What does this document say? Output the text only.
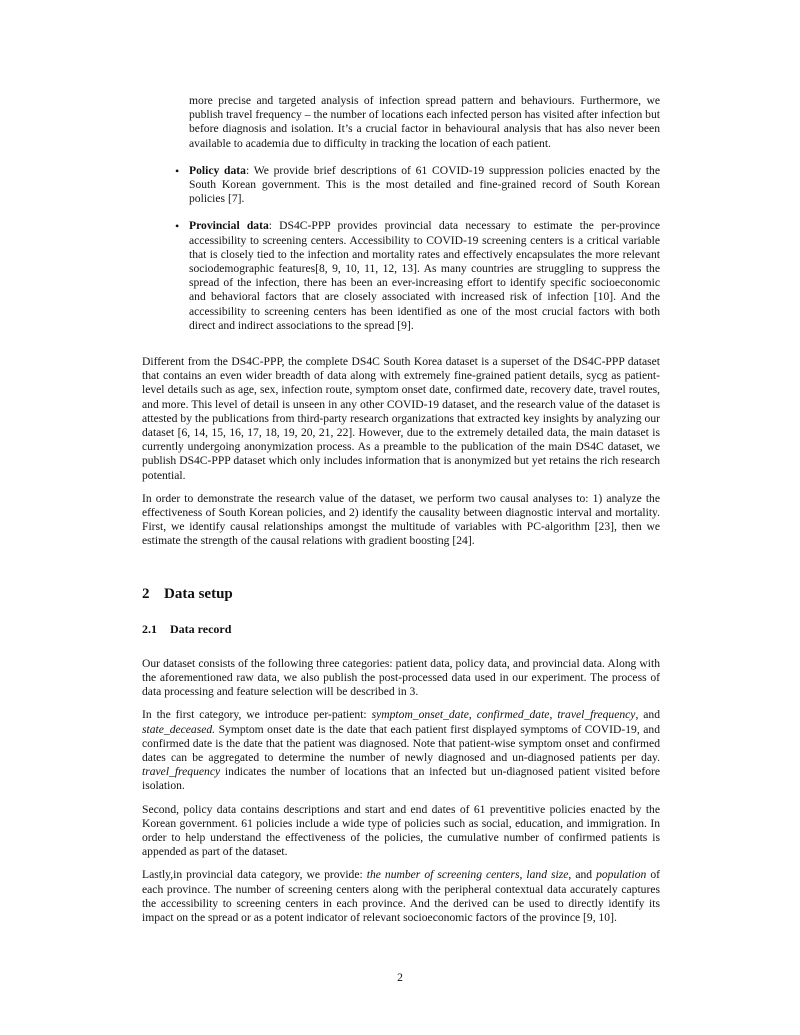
more precise and targeted analysis of infection spread pattern and behaviours. Furthermore, we publish travel frequency – the number of locations each infected person has visited after infection but before diagnosis and isolation. It’s a crucial factor in behavioural analysis that has also never been available to academia due to difficulty in tracking the location of each patient.

• Policy data: We provide brief descriptions of 61 COVID-19 suppression policies enacted by the South Korean government. This is the most detailed and fine-grained record of South Korean policies [7].

• Provincial data: DS4C-PPP provides provincial data necessary to estimate the per-province accessibility to screening centers. Accessibility to COVID-19 screening centers is a critical variable that is closely tied to the infection and mortality rates and effectively encapsulates the more relevant sociodemographic features[8, 9, 10, 11, 12, 13]. As many countries are struggling to suppress the spread of the infection, there has been an ever-increasing effort to identify specific socioeconomic and behavioral factors that are closely associated with increased risk of infection [10]. And the accessibility to screening centers has been identified as one of the most crucial factors with both direct and indirect associations to the spread [9].

Different from the DS4C-PPP, the complete DS4C South Korea dataset is a superset of the DS4C-PPP dataset that contains an even wider breadth of data along with extremely fine-grained patient details, sycg as patient-level details such as age, sex, infection route, symptom onset date, confirmed date, recovery date, travel routes, and more. This level of detail is unseen in any other COVID-19 dataset, and the research value of the dataset is attested by the publications from third-party research organizations that extracted key insights by analyzing our dataset [6, 14, 15, 16, 17, 18, 19, 20, 21, 22]. However, due to the extremely detailed data, the main dataset is currently undergoing anonymization process. As a preamble to the publication of the main DS4C dataset, we publish DS4C-PPP dataset which only includes information that is anonymized but yet retains the rich research potential.

In order to demonstrate the research value of the dataset, we perform two causal analyses to: 1) analyze the effectiveness of South Korean policies, and 2) identify the causality between diagnostic interval and mortality. First, we identify causal relationships amongst the multitude of variables with PC-algorithm [23], then we estimate the strength of the causal relations with gradient boosting [24].

2 Data setup
2.1 Data record

Our dataset consists of the following three categories: patient data, policy data, and provincial data. Along with the aforementioned raw data, we also publish the post-processed data used in our experiment. The process of data processing and feature selection will be described in 3.

In the first category, we introduce per-patient: symptom_onset_date, confirmed_date, travel_frequency, and state_deceased. Symptom onset date is the date that each patient first displayed symptoms of COVID-19, and confirmed date is the date that the patient was diagnosed. Note that patient-wise symptom onset and confirmed dates can be aggregated to determine the number of newly diagnosed and un-diagnosed patients per day. travel_frequency indicates the number of locations that an infected but un-diagnosed patient visited before isolation.

Second, policy data contains descriptions and start and end dates of 61 preventitive policies enacted by the Korean government. 61 policies include a wide type of policies such as social, education, and immigration. In order to help understand the effectiveness of the policies, the cumulative number of confirmed patients is appended as part of the dataset.

Lastly,in provincial data category, we provide: the number of screening centers, land size, and population of each province. The number of screening centers along with the peripheral contextual data accurately captures the accessibility to screening centers in each province. And the derived can be used to directly identify its impact on the spread or as a potent indicator of relevant socioeconomic factors of the province [9, 10].

2
